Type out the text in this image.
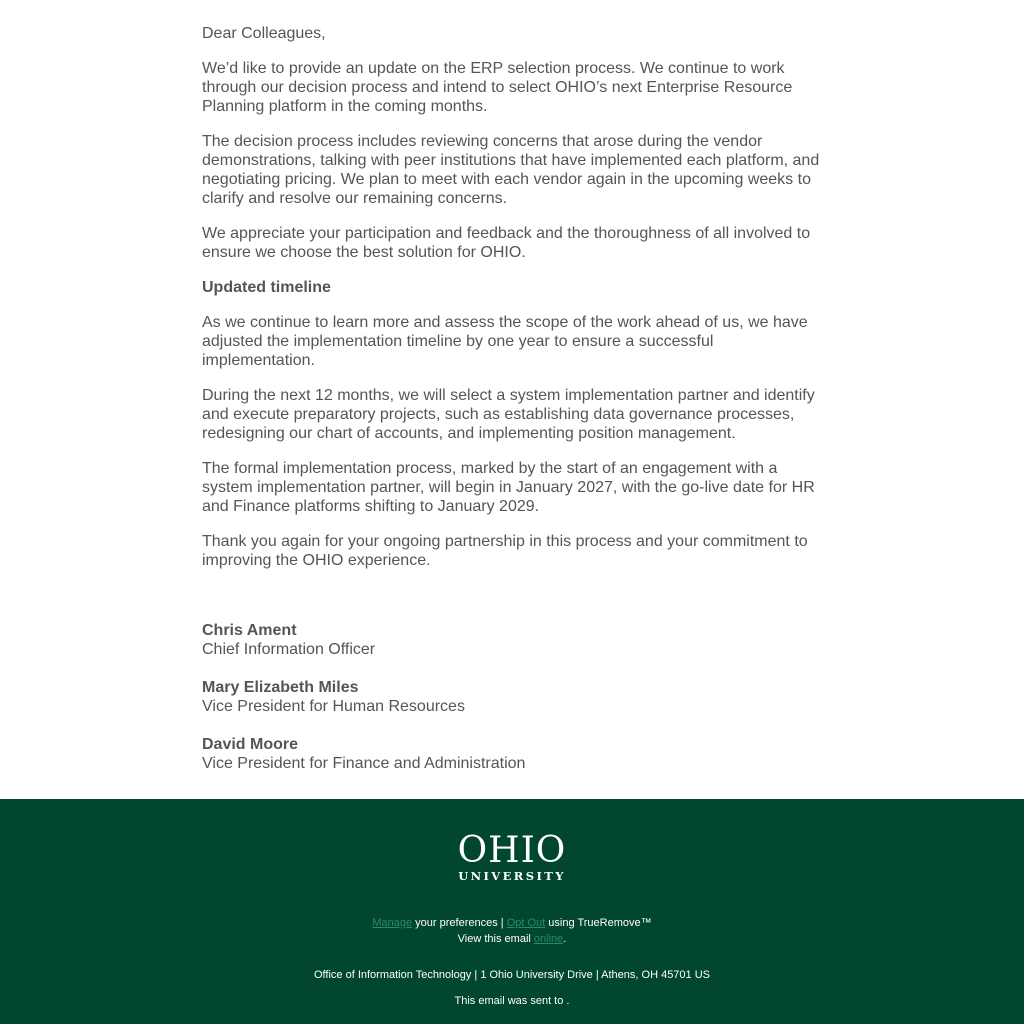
Dear Colleagues,

We’d like to provide an update on the ERP selection process. We continue to work through our decision process and intend to select OHIO’s next Enterprise Resource Planning platform in the coming months.

The decision process includes reviewing concerns that arose during the vendor demonstrations, talking with peer institutions that have implemented each platform, and negotiating pricing. We plan to meet with each vendor again in the upcoming weeks to clarify and resolve our remaining concerns.

We appreciate your participation and feedback and the thoroughness of all involved to ensure we choose the best solution for OHIO.

Updated timeline

As we continue to learn more and assess the scope of the work ahead of us, we have adjusted the implementation timeline by one year to ensure a successful implementation.

During the next 12 months, we will select a system implementation partner and identify and execute preparatory projects, such as establishing data governance processes, redesigning our chart of accounts, and implementing position management.

The formal implementation process, marked by the start of an engagement with a system implementation partner, will begin in January 2027, with the go-live date for HR and Finance platforms shifting to January 2029.

Thank you again for your ongoing partnership in this process and your commitment to improving the OHIO experience.

Chris Ament
Chief Information Officer
Mary Elizabeth Miles
Vice President for Human Resources
David Moore
Vice President for Finance and Administration
OHIO
UNIVERSITY
Manage your preferences | Opt Out using TrueRemove™
View this email online.
Office of Information Technology | 1 Ohio University Drive | Athens, OH 45701 US
This email was sent to .
